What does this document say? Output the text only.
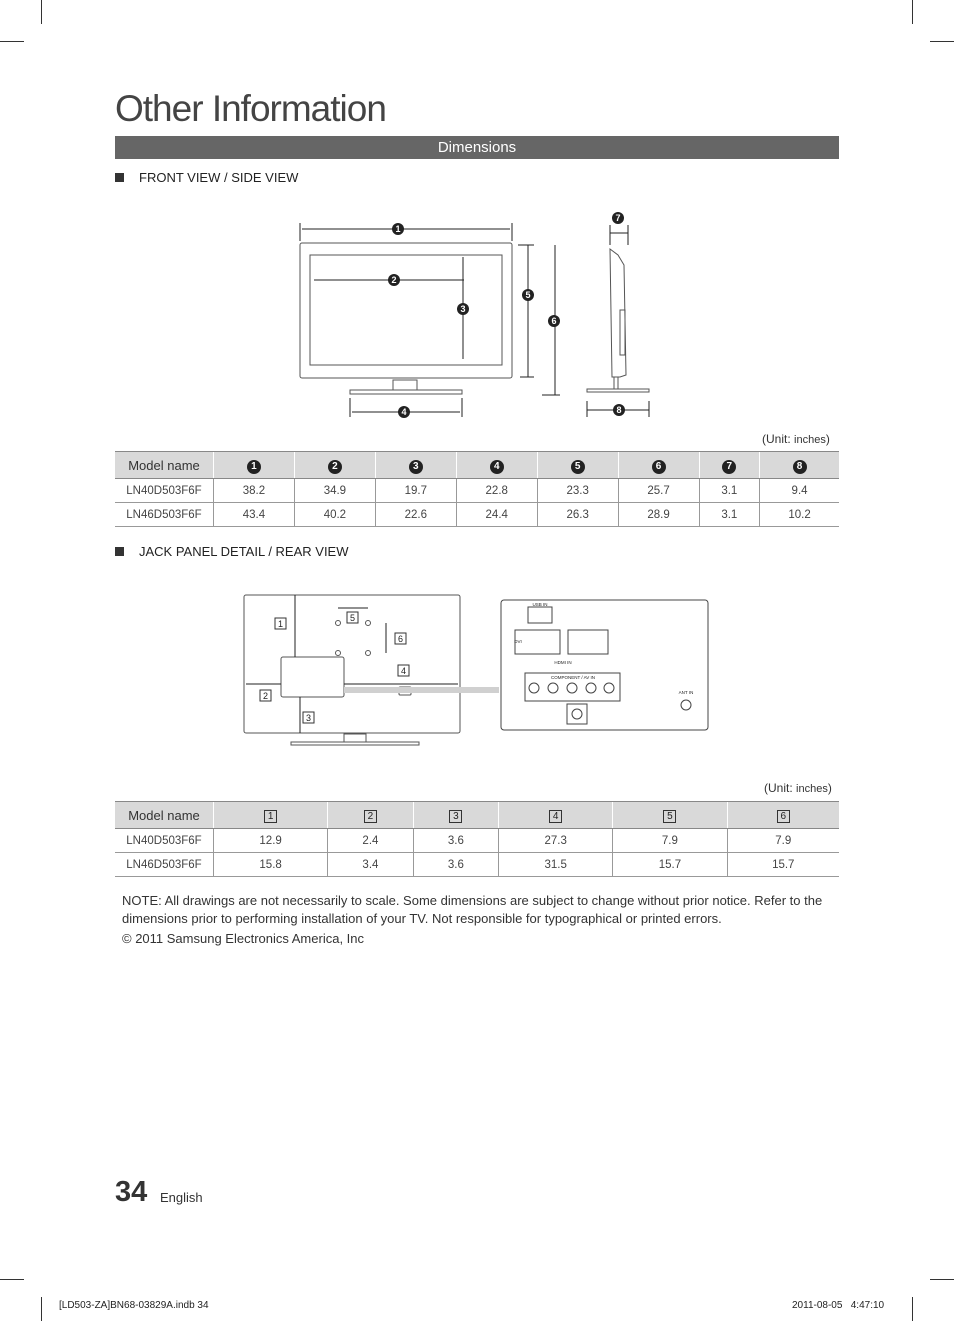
Other Information
Dimensions
FRONT VIEW / SIDE VIEW
1
2
3
4
5
6
7
8
(Unit: inches)
Model name	1	2	3	4	5	6	7	8
LN40D503F6F	38.2	34.9	19.7	22.8	23.3	25.7	3.1	9.4
LN46D503F6F	43.4	40.2	22.6	24.4	26.3	28.9	3.1	10.2
JACK PANEL DETAIL / REAR VIEW
USB IN
DVI
HDMI IN
COMPONENT / AV IN
ANT IN
1
2
3
4
5
6
(Unit: inches)
Model name	1	2	3	4	5	6
LN40D503F6F	12.9	2.4	3.6	27.3	7.9	7.9
LN46D503F6F	15.8	3.4	3.6	31.5	15.7	15.7
NOTE: All drawings are not necessarily to scale. Some dimensions are subject to change without prior notice. Refer to the dimensions prior to performing installation of your TV. Not responsible for typographical or printed errors.
© 2011 Samsung Electronics America, Inc
34 English
[LD503-ZA]BN68-03829A.indb 34	2011-08-05   4:47:10
